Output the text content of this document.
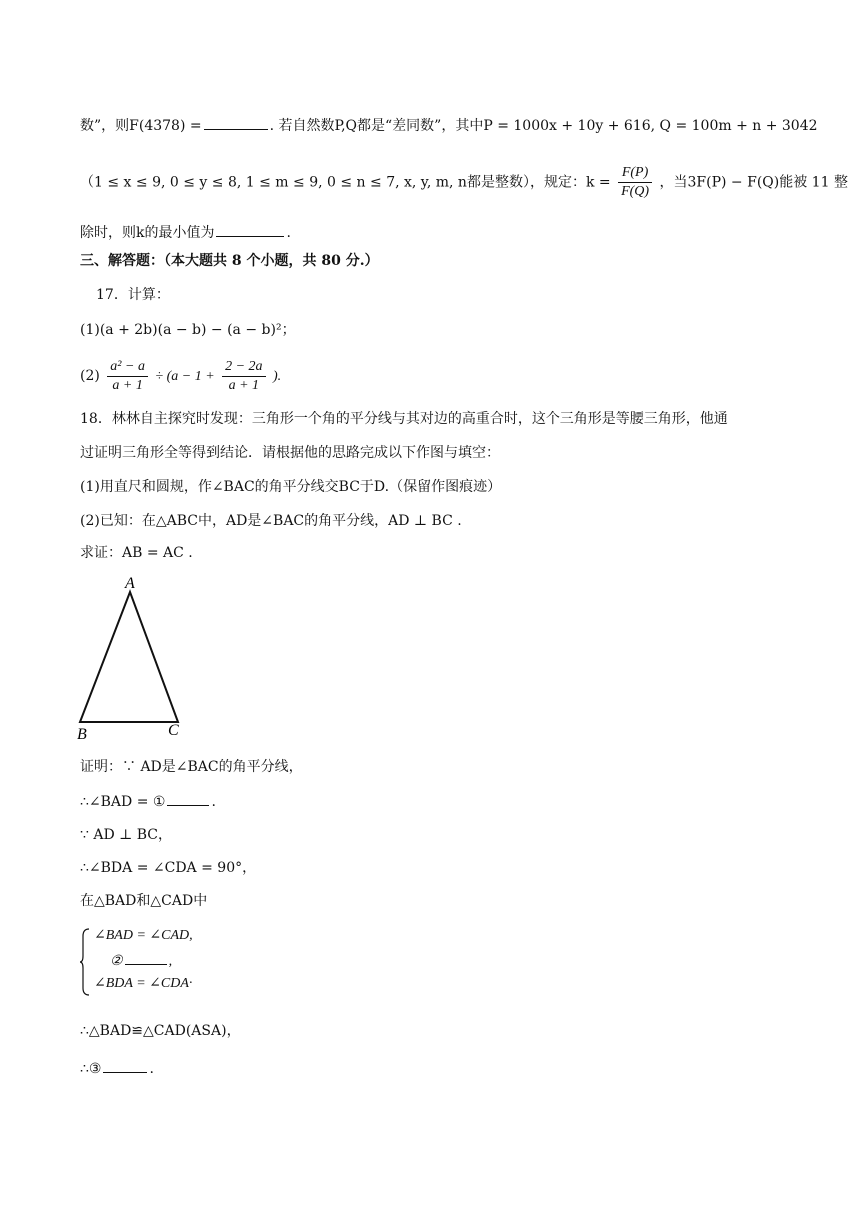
数”，则F(4378) =	. 若自然数P,Q都是“差同数”，其中P = 1000x + 10y + 616, Q = 100m + n + 3042
（1 ≤ x ≤ 9, 0 ≤ y ≤ 8, 1 ≤ m ≤ 9, 0 ≤ n ≤ 7, x, y, m, n都是整数），规定：$k = \frac{F(P)}{F(Q)}$ ，当3F(P) − F(Q)能被 11 整
除时，则k的最小值为	.
三、解答题：（本大题共 8 个小题，共 80 分.）
17．计算：
(1)(a + 2b)(a − b) − (a − b)²；
$(2) \frac{\text{a² − a}}{a + 1} \div (a - 1 + \frac{2 - 2a}{a + 1}$ ).
18．林林自主探究时发现：三角形一个角的平分线与其对边的高重合时，这个三角形是等腰三角形，他通
过证明三角形全等得到结论．请根据他的思路完成以下作图与填空：
(1)用直尺和圆规，作∠BAC的角平分线交BC于D.（保留作图痕迹）
(2)已知：在△ABC中，AD是∠BAC的角平分线，AD ⊥ BC .
求证：AB = AC .
A
B	C
证明：∵ AD是∠BAC的角平分线，
∴∠BAD = ①	.
∵ AD ⊥ BC，
∴∠BDA = ∠CDA = 90°，
在△BAD和△CAD中
∠BAD = ∠CAD,
②	,
∠BDA = ∠CDA·
∴△BAD≌△CAD(ASA)，
∴③	.
